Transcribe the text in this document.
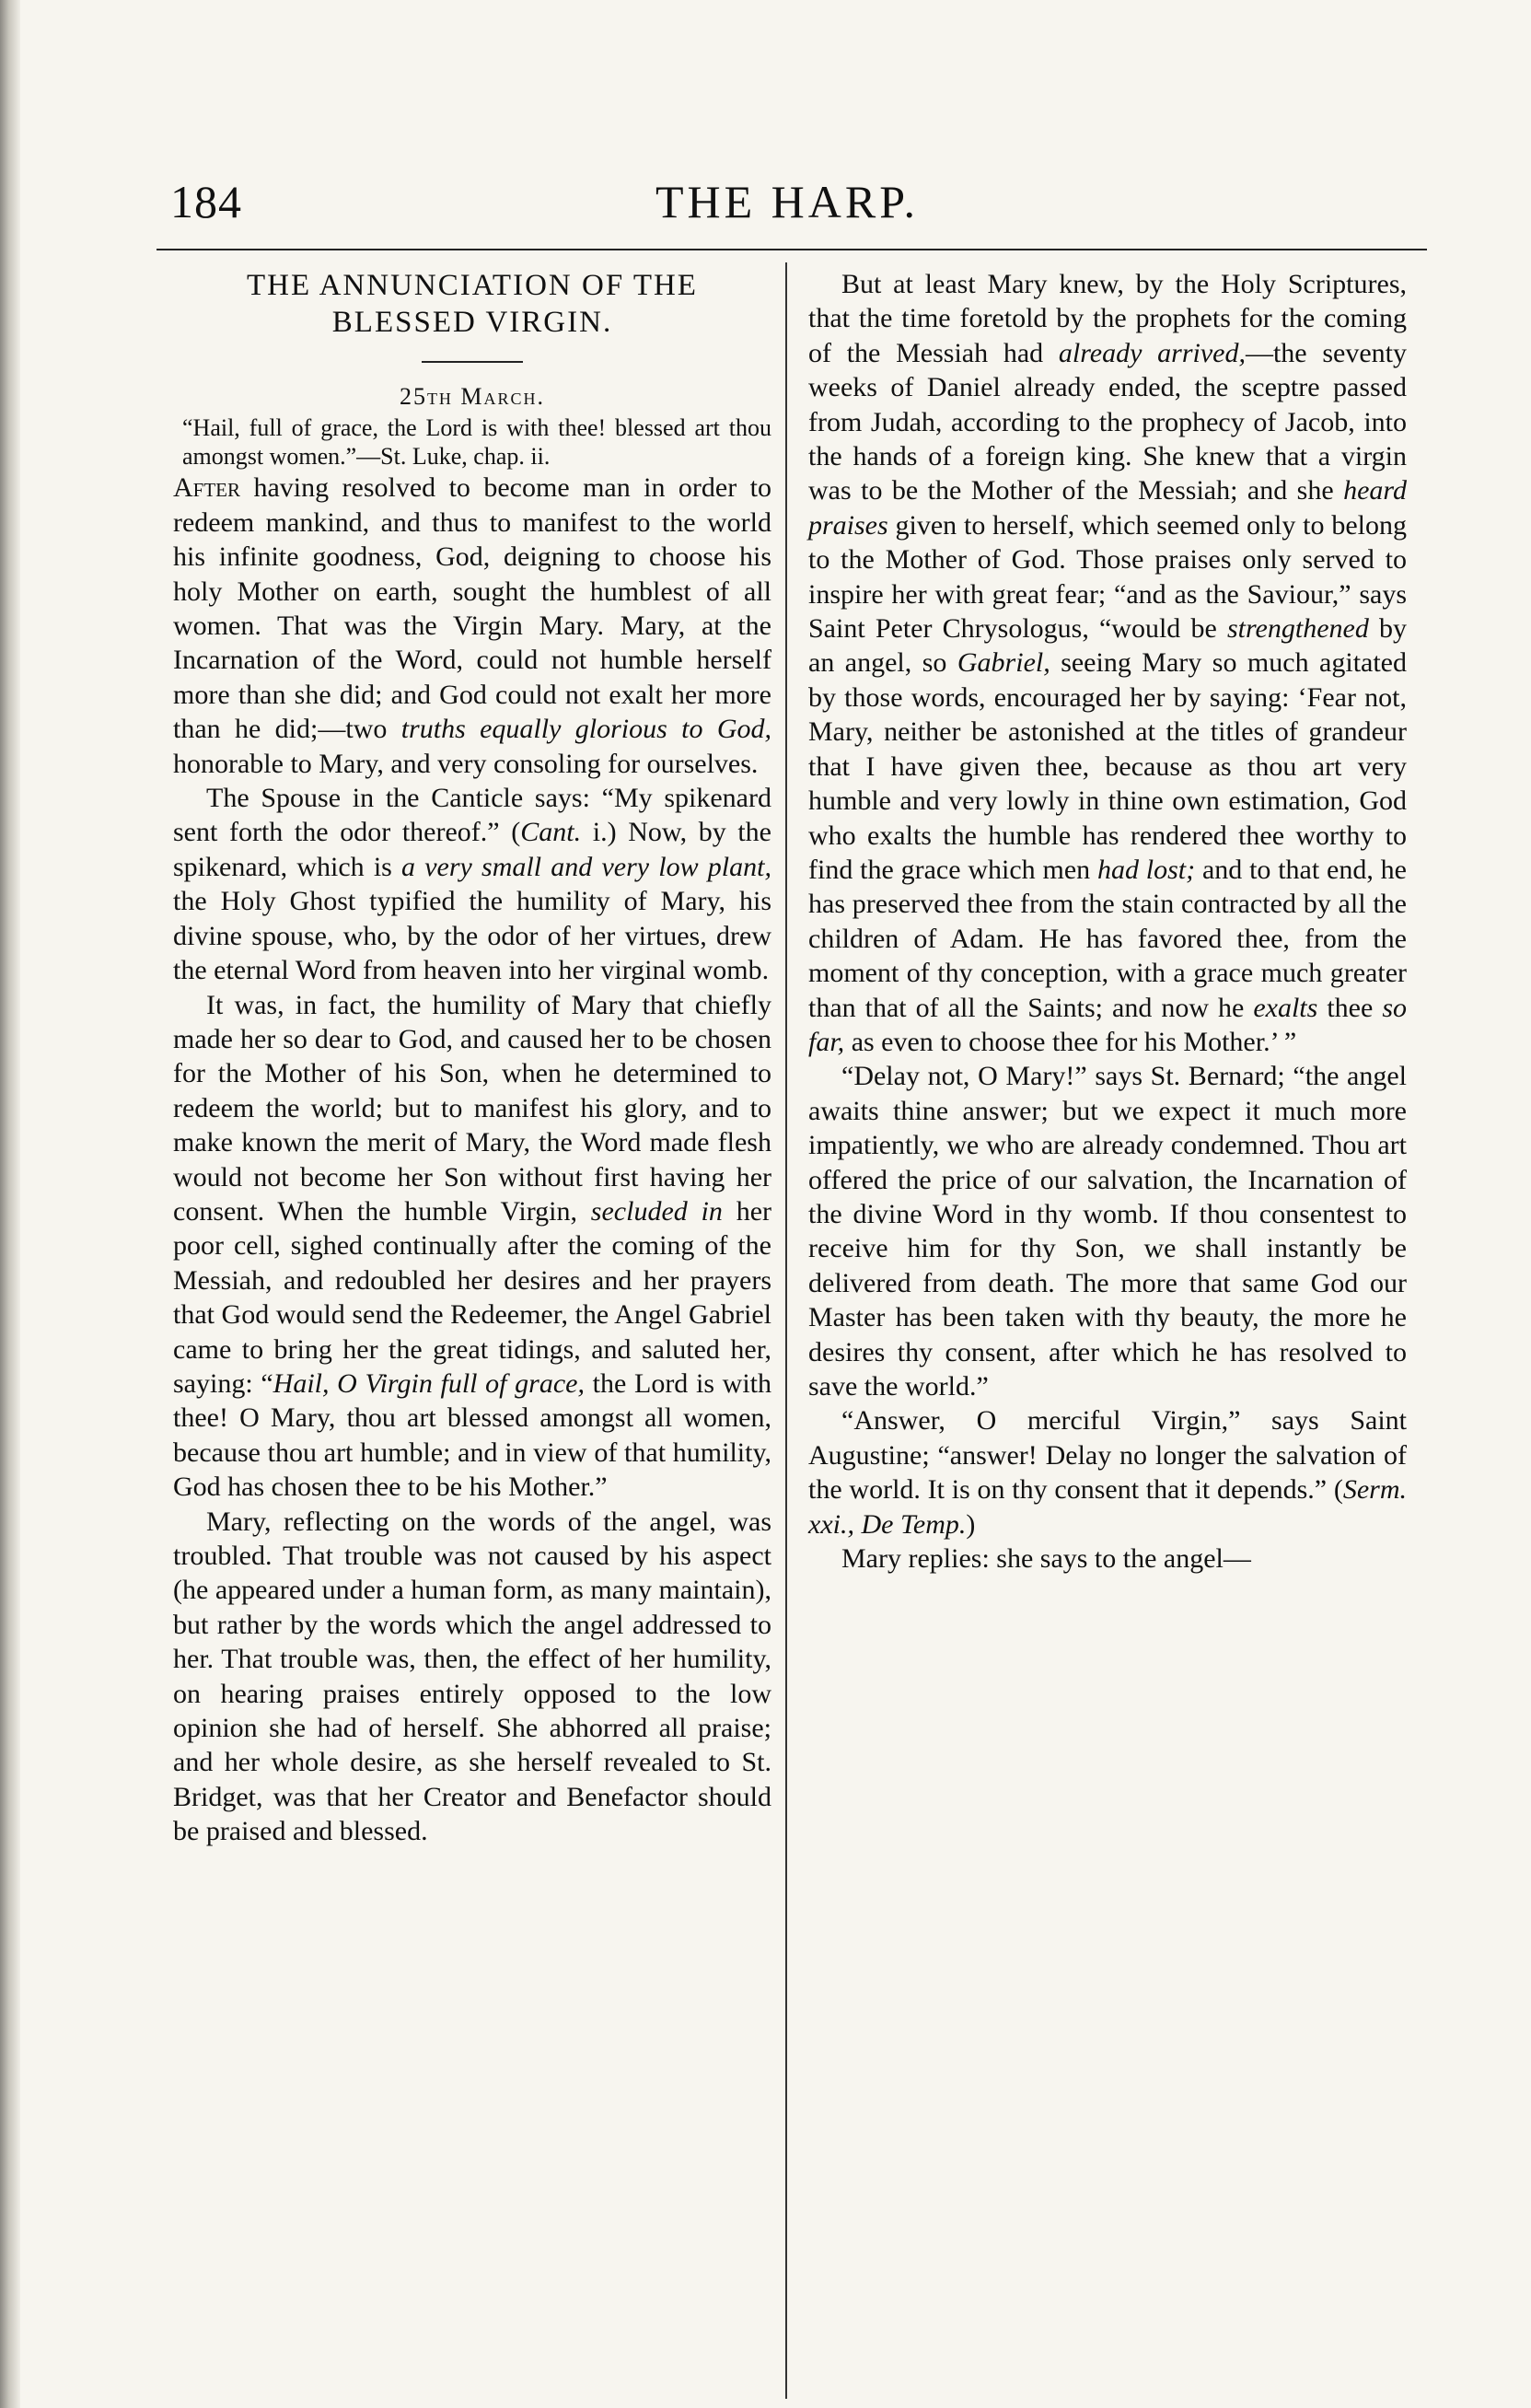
184	THE HARP.

THE ANNUNCIATION OF THE BLESSED VIRGIN.

25th March.

“Hail, full of grace, the Lord is with thee! blessed art thou amongst women.”—St. Luke, chap. ii.

After having resolved to become man in order to redeem mankind, and thus to manifest to the world his infinite goodness, God, deigning to choose his holy Mother on earth, sought the humblest of all women. That was the Virgin Mary. Mary, at the Incarnation of the Word, could not humble herself more than she did; and God could not exalt her more than he did;—two truths equally glorious to God, honorable to Mary, and very consoling for ourselves.

The Spouse in the Canticle says: “My spikenard sent forth the odor thereof.” (Cant. i.) Now, by the spikenard, which is a very small and very low plant, the Holy Ghost typified the humility of Mary, his divine spouse, who, by the odor of her virtues, drew the eternal Word from heaven into her virginal womb.

It was, in fact, the humility of Mary that chiefly made her so dear to God, and caused her to be chosen for the Mother of his Son, when he determined to redeem the world; but to manifest his glory, and to make known the merit of Mary, the Word made flesh would not become her Son without first having her consent. When the humble Virgin, secluded in her poor cell, sighed continually after the coming of the Messiah, and redoubled her desires and her prayers that God would send the Redeemer, the Angel Gabriel came to bring her the great tidings, and saluted her, saying: “Hail, O Virgin full of grace, the Lord is with thee! O Mary, thou art blessed amongst all women, because thou art humble; and in view of that humility, God has chosen thee to be his Mother.”

Mary, reflecting on the words of the angel, was troubled. That trouble was not caused by his aspect (he appeared under a human form, as many maintain), but rather by the words which the angel addressed to her. That trouble was, then, the effect of her humility, on hearing praises entirely opposed to the low opinion she had of herself. She abhorred all praise; and her whole desire, as she herself revealed to St. Bridget, was that her Creator and Benefactor should be praised and blessed.

But at least Mary knew, by the Holy Scriptures, that the time foretold by the prophets for the coming of the Messiah had already arrived,—the seventy weeks of Daniel already ended, the sceptre passed from Judah, according to the prophecy of Jacob, into the hands of a foreign king. She knew that a virgin was to be the Mother of the Messiah; and she heard praises given to herself, which seemed only to belong to the Mother of God. Those praises only served to inspire her with great fear; “and as the Saviour,” says Saint Peter Chrysologus, “would be strengthened by an angel, so Gabriel, seeing Mary so much agitated by those words, encouraged her by saying: ‘Fear not, Mary, neither be astonished at the titles of grandeur that I have given thee, because as thou art very humble and very lowly in thine own estimation, God who exalts the humble has rendered thee worthy to find the grace which men had lost; and to that end, he has preserved thee from the stain contracted by all the children of Adam. He has favored thee, from the moment of thy conception, with a grace much greater than that of all the Saints; and now he exalts thee so far, as even to choose thee for his Mother.’ ”

“Delay not, O Mary!” says St. Bernard; “the angel awaits thine answer; but we expect it much more impatiently, we who are already condemned. Thou art offered the price of our salvation, the Incarnation of the divine Word in thy womb. If thou consentest to receive him for thy Son, we shall instantly be delivered from death. The more that same God our Master has been taken with thy beauty, the more he desires thy consent, after which he has resolved to save the world.”

“Answer, O merciful Virgin,” says Saint Augustine; “answer! Delay no longer the salvation of the world. It is on thy consent that it depends.” (Serm. xxi., De Temp.)

Mary replies: she says to the angel—
